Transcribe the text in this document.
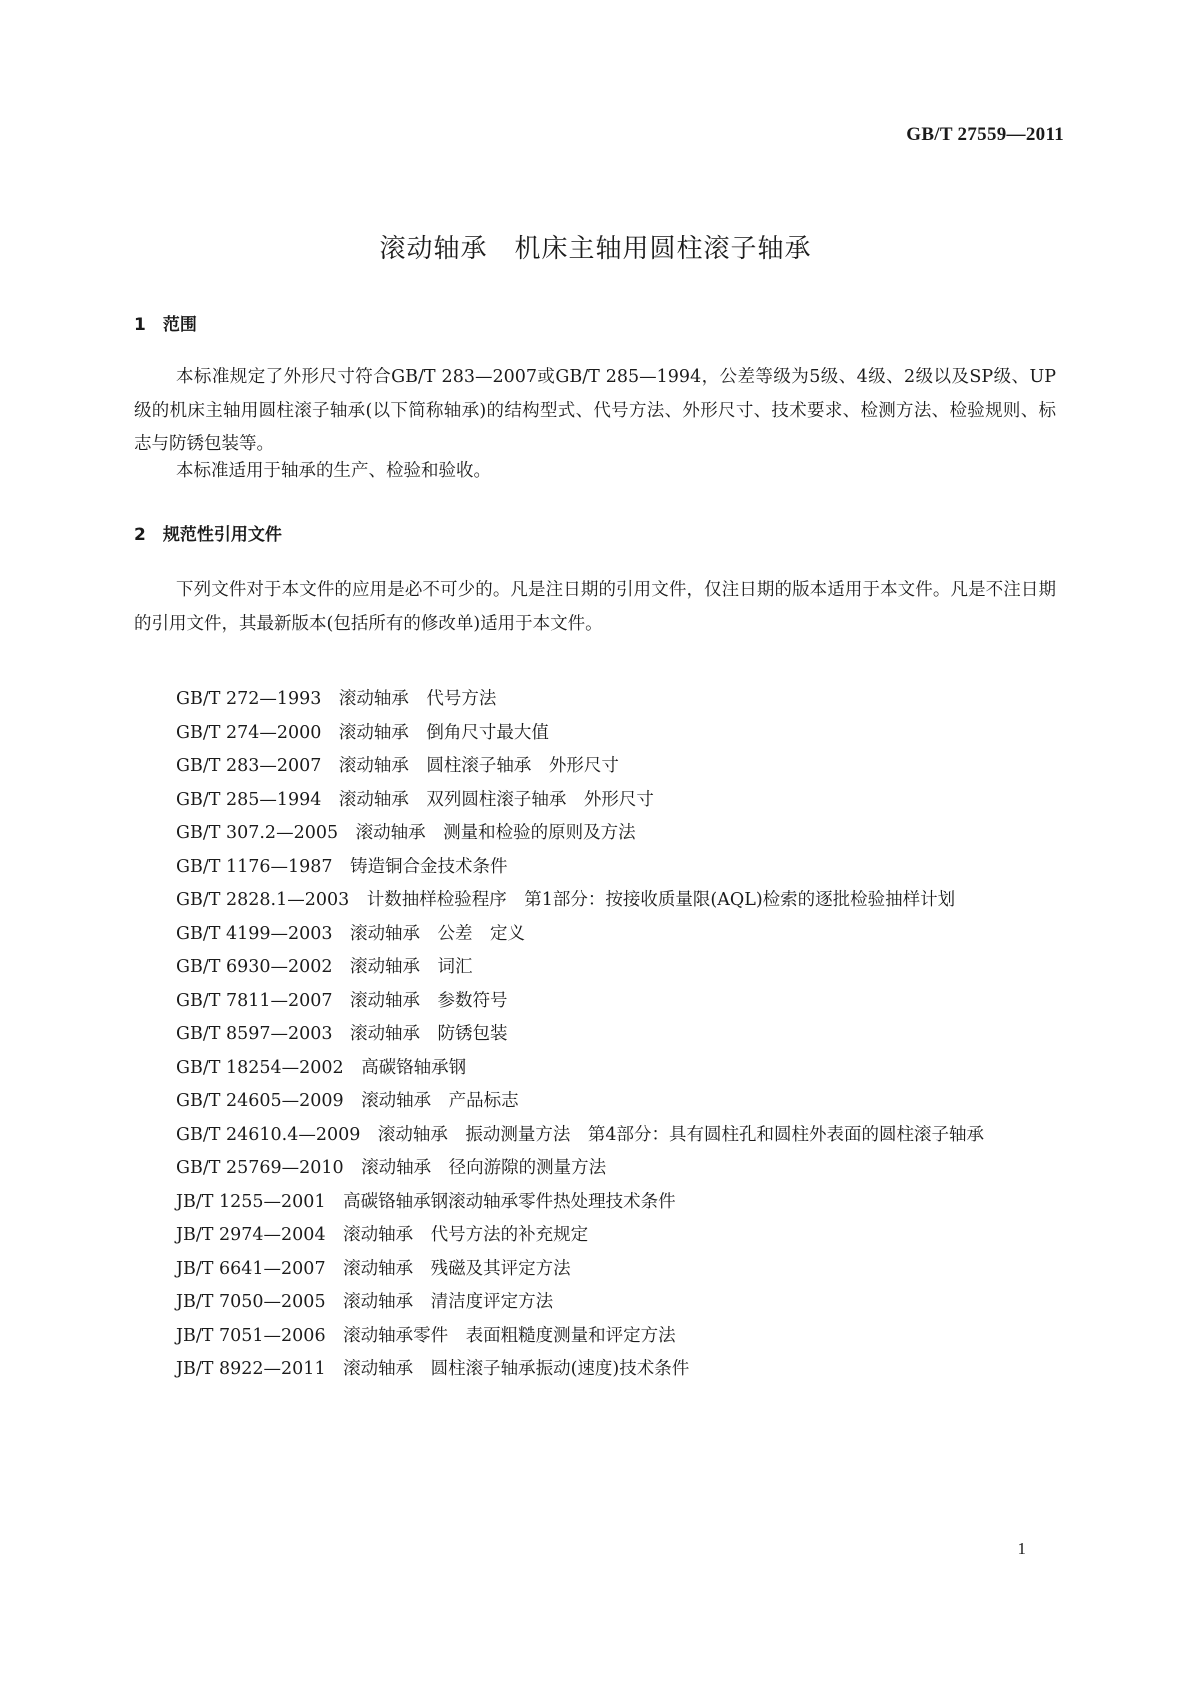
GB/T 27559—2011
滚动轴承　机床主轴用圆柱滚子轴承
1　范围
本标准规定了外形尺寸符合GB/T 283—2007或GB/T 285—1994，公差等级为5级、4级、2级以及SP级、UP级的机床主轴用圆柱滚子轴承(以下简称轴承)的结构型式、代号方法、外形尺寸、技术要求、检测方法、检验规则、标志与防锈包装等。
本标准适用于轴承的生产、检验和验收。
2　规范性引用文件
下列文件对于本文件的应用是必不可少的。凡是注日期的引用文件，仅注日期的版本适用于本文件。凡是不注日期的引用文件，其最新版本(包括所有的修改单)适用于本文件。
GB/T 272—1993　 滚动轴承　代号方法
GB/T 274—2000　 滚动轴承　倒角尺寸最大值
GB/T 283—2007　 滚动轴承　圆柱滚子轴承　外形尺寸
GB/T 285—1994　 滚动轴承　双列圆柱滚子轴承　外形尺寸
GB/T 307.2—2005　 滚动轴承　测量和检验的原则及方法
GB/T 1176—1987　 铸造铜合金技术条件
GB/T 2828.1—2003　 计数抽样检验程序　第1部分：按接收质量限(AQL)检索的逐批检验抽样计划
GB/T 4199—2003　 滚动轴承　公差　定义
GB/T 6930—2002　 滚动轴承　词汇
GB/T 7811—2007　 滚动轴承　参数符号
GB/T 8597—2003　 滚动轴承　防锈包装
GB/T 18254—2002　 高碳铬轴承钢
GB/T 24605—2009　 滚动轴承　产品标志
GB/T 24610.4—2009　 滚动轴承　振动测量方法　第4部分：具有圆柱孔和圆柱外表面的圆柱滚子轴承
GB/T 25769—2010　 滚动轴承　径向游隙的测量方法
JB/T 1255—2001　 高碳铬轴承钢滚动轴承零件热处理技术条件
JB/T 2974—2004　 滚动轴承　代号方法的补充规定
JB/T 6641—2007　 滚动轴承　残磁及其评定方法
JB/T 7050—2005　 滚动轴承　清洁度评定方法
JB/T 7051—2006　 滚动轴承零件　表面粗糙度测量和评定方法
JB/T 8922—2011　 滚动轴承　圆柱滚子轴承振动(速度)技术条件
1
